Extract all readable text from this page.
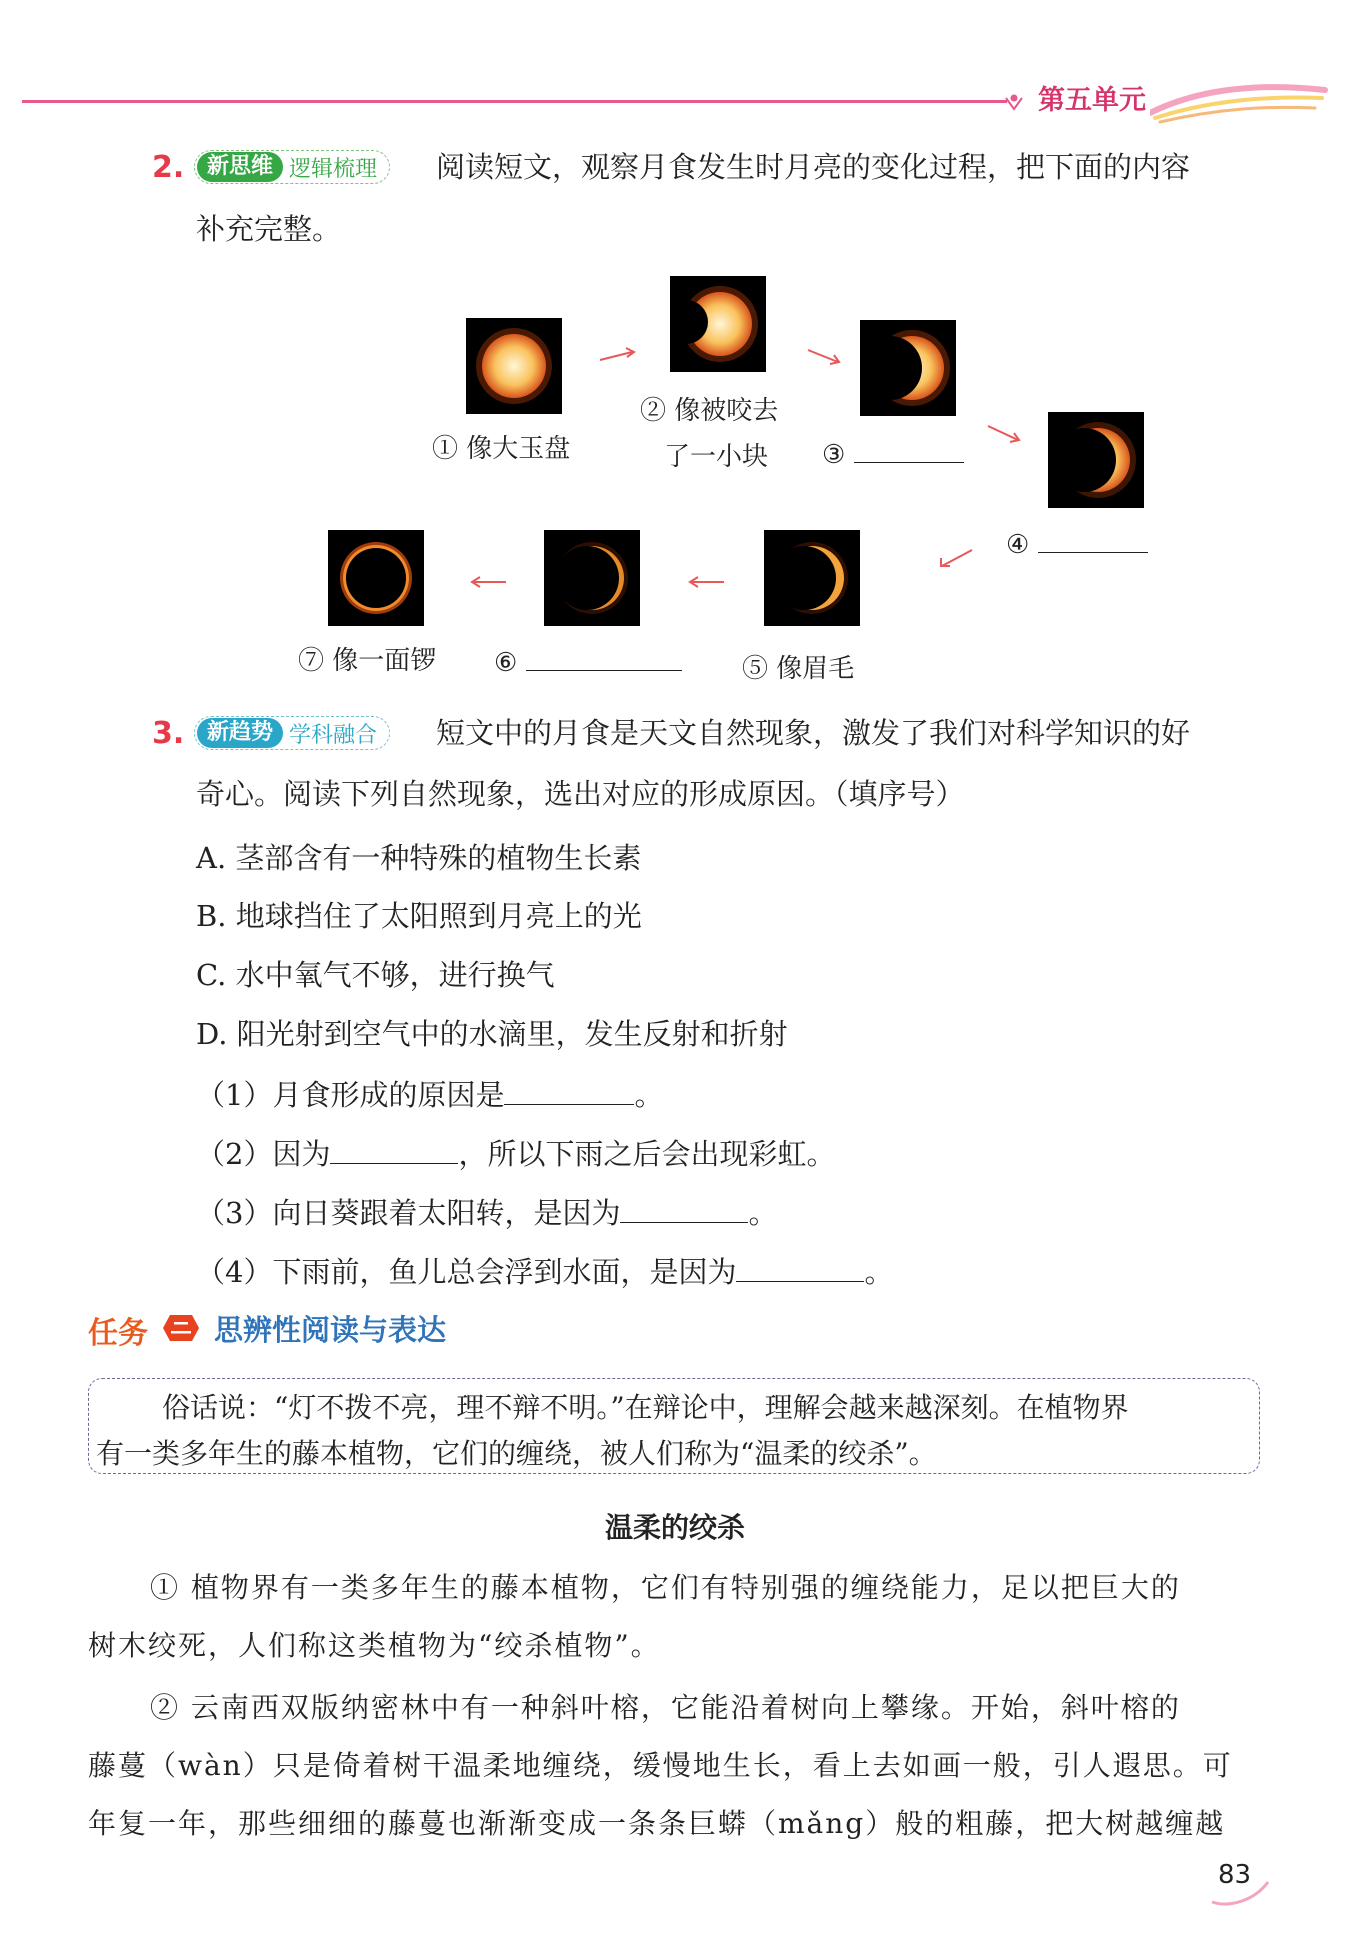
第五单元
2.	新思维 逻辑梳理	阅读短文，观察月食发生时月亮的变化过程，把下面的内容
补充完整。
① 像大玉盘
② 像被咬去
了一小块 ③
④
⑤ 像眉毛
⑥
⑦ 像一面锣
3.	新趋势 学科融合	短文中的月食是天文自然现象，激发了我们对科学知识的好
奇心。阅读下列自然现象，选出对应的形成原因。（填序号）
A. 茎部含有一种特殊的植物生长素
B. 地球挡住了太阳照到月亮上的光
C. 水中氧气不够，进行换气
D. 阳光射到空气中的水滴里，发生反射和折射
（1）月食形成的原因是	。
（2）因为	，所以下雨之后会出现彩虹。
（3）向日葵跟着太阳转，是因为	。
（4）下雨前，鱼儿总会浮到水面，是因为	。
任务 思辨性阅读与表达
俗话说：“灯不拨不亮，理不辩不明。”在辩论中，理解会越来越深刻。在植物界
有一类多年生的藤本植物，它们的缠绕，被人们称为“温柔的绞杀”。
温柔的绞杀
① 植物界有一类多年生的藤本植物，它们有特别强的缠绕能力，足以把巨大的
树木绞死，人们称这类植物为“绞杀植物”。
② 云南西双版纳密林中有一种斜叶榕，它能沿着树向上攀缘。开始，斜叶榕的
藤蔓（wàn）只是倚着树干温柔地缠绕，缓慢地生长，看上去如画一般，引人遐思。可
年复一年，那些细细的藤蔓也渐渐变成一条条巨蟒（mǎng）般的粗藤，把大树越缠越
83
